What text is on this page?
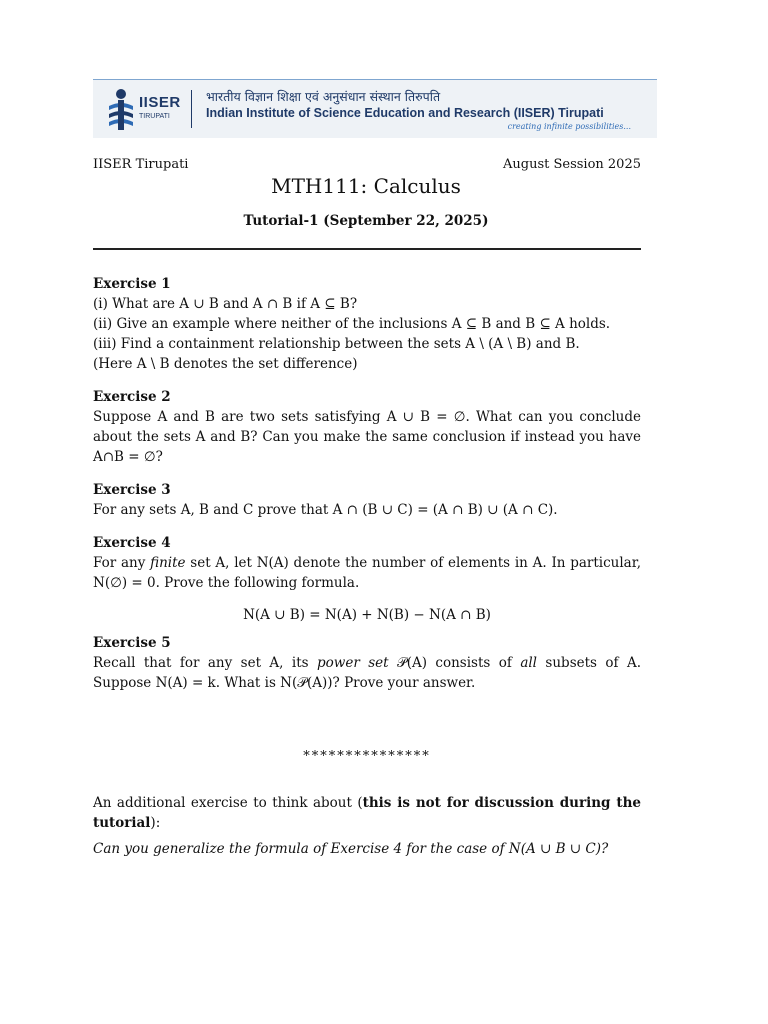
IISER
TIRUPATI
भारतीय विज्ञान शिक्षा एवं अनुसंधान संस्थान तिरुपति
Indian Institute of Science Education and Research (IISER) Tirupati
creating infinite possibilities...
IISER Tirupati	August Session 2025
MTH111: Calculus
Tutorial-1 (September 22, 2025)

Exercise 1

(i) What are A ∪ B and A ∩ B if A ⊆ B?

(ii) Give an example where neither of the inclusions A ⊆ B and B ⊆ A holds.

(iii) Find a containment relationship between the sets A \ (A \ B) and B.

(Here A \ B denotes the set difference)

Exercise 2

Suppose A and B are two sets satisfying A ∪ B = ∅. What can you conclude about the sets A and B? Can you make the same conclusion if instead you have A∩B = ∅?

Exercise 3

For any sets A, B and C prove that A ∩ (B ∪ C) = (A ∩ B) ∪ (A ∩ C).

Exercise 4

For any finite set A, let N(A) denote the number of elements in A. In particular, N(∅) = 0. Prove the following formula.

N(A ∪ B) = N(A) + N(B) − N(A ∩ B)

Exercise 5

Recall that for any set A, its power set 𝒫(A) consists of all subsets of A. Suppose N(A) = k. What is N(𝒫(A))? Prove your answer.

***************

An additional exercise to think about (this is not for discussion during the tutorial):

Can you generalize the formula of Exercise 4 for the case of N(A ∪ B ∪ C)?
